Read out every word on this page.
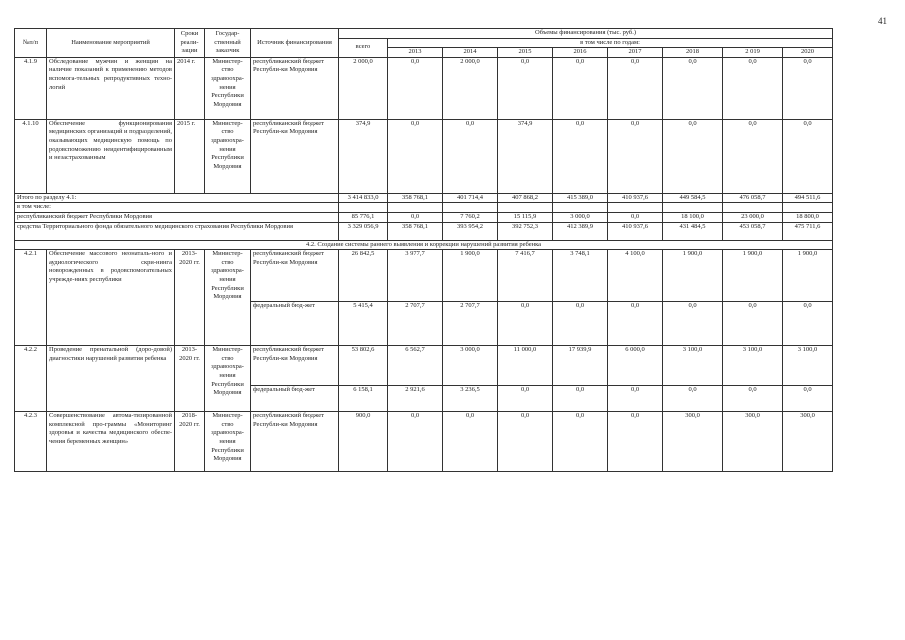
41
№п/п	Наименование мероприятий	Сроки реали-зации	Государ-ственный заказчик	Источник финансирования	Объемы финансирования (тыс. руб.)								
					всего	в том числе по годам:							
						2013	2014	2015	2016	2017	2018	2 019	2020
4.1.9	Обследование мужчин и женщин на наличие показаний к применению методов вспомога-тельных репродуктивных техно-логий	2014 г.	Министер-ство здравоохра-нения Республики Мордовия	республиканский бюджет Республи-ки Мордовия	2 000,0	0,0	2 000,0	0,0	0,0	0,0	0,0	0,0	0,0
4.1.10	Обеспечение функционирования медицинских организаций и подразделений, оказывающих медицинскую помощь по родовспоможению неидентифицированным и незастрахованным	2015 г.	Министер-ство здравоохра-нения Республики Мордовия	республиканский бюджет Республи-ки Мордовия	374,9	0,0	0,0	374,9	0,0	0,0	0,0	0,0	0,0
Итого по разделу 4.1:					3 414 833,0	358 768,1	401 714,4	407 868,2	415 389,0	410 937,6	449 584,5	476 058,7	494 511,6
в том числе:													
республиканский бюджет Республики Мордовия					85 776,1	0,0	7 760,2	15 115,9	3 000,0	0,0	18 100,0	23 000,0	18 800,0
средства Территориального фонда обязательного медицинского страхования Республики Мордовия					3 329 056,9	358 768,1	393 954,2	392 752,3	412 389,9	410 937,6	431 484,5	453 058,7	475 711,6
4.2. Создание системы раннего выявления и коррекции нарушений развития ребенка													
4.2.1	Обеспечение массового неонаталь-ного и аудиологического скри-нинга новорожденных в родовспомогательных учрежде-ниях республики	2013-2020 гг.	Министер-ство здравоохра-нения Республики Мордовия	республиканский бюджет Республи-ки Мордовия	26 842,5	3 977,7	1 900,0	7 416,7	3 748,1	4 100,0	1 900,0	1 900,0	1 900,0
				федеральный бюд-жет	5 415,4	2 707,7	2 707,7	0,0	0,0	0,0	0,0	0,0	0,0
4.2.2	Проведение пренатальной (доро-довой) диагностики нарушений развития ребенка	2013-2020 гг.	Министер-ство здравоохра-нения Республики Мордовия	республиканский бюджет Республи-ки Мордовия	53 802,6	6 562,7	3 000,0	11 000,0	17 939,9	6 000,0	3 100,0	3 100,0	3 100,0
				федеральный бюд-жет	6 158,1	2 921,6	3 236,5	0,0	0,0	0,0	0,0	0,0	0,0
4.2.3	Совершенствование автома-тизированной комплексной про-граммы «Мониторинг здоровья и качества медицинского обеспе-чения беременных женщин»	2018-2020 гг.	Министер-ство здравоохра-нения Республики Мордовия	республиканский бюджет Республи-ки Мордовия	900,0	0,0	0,0	0,0	0,0	0,0	300,0	300,0	300,0
